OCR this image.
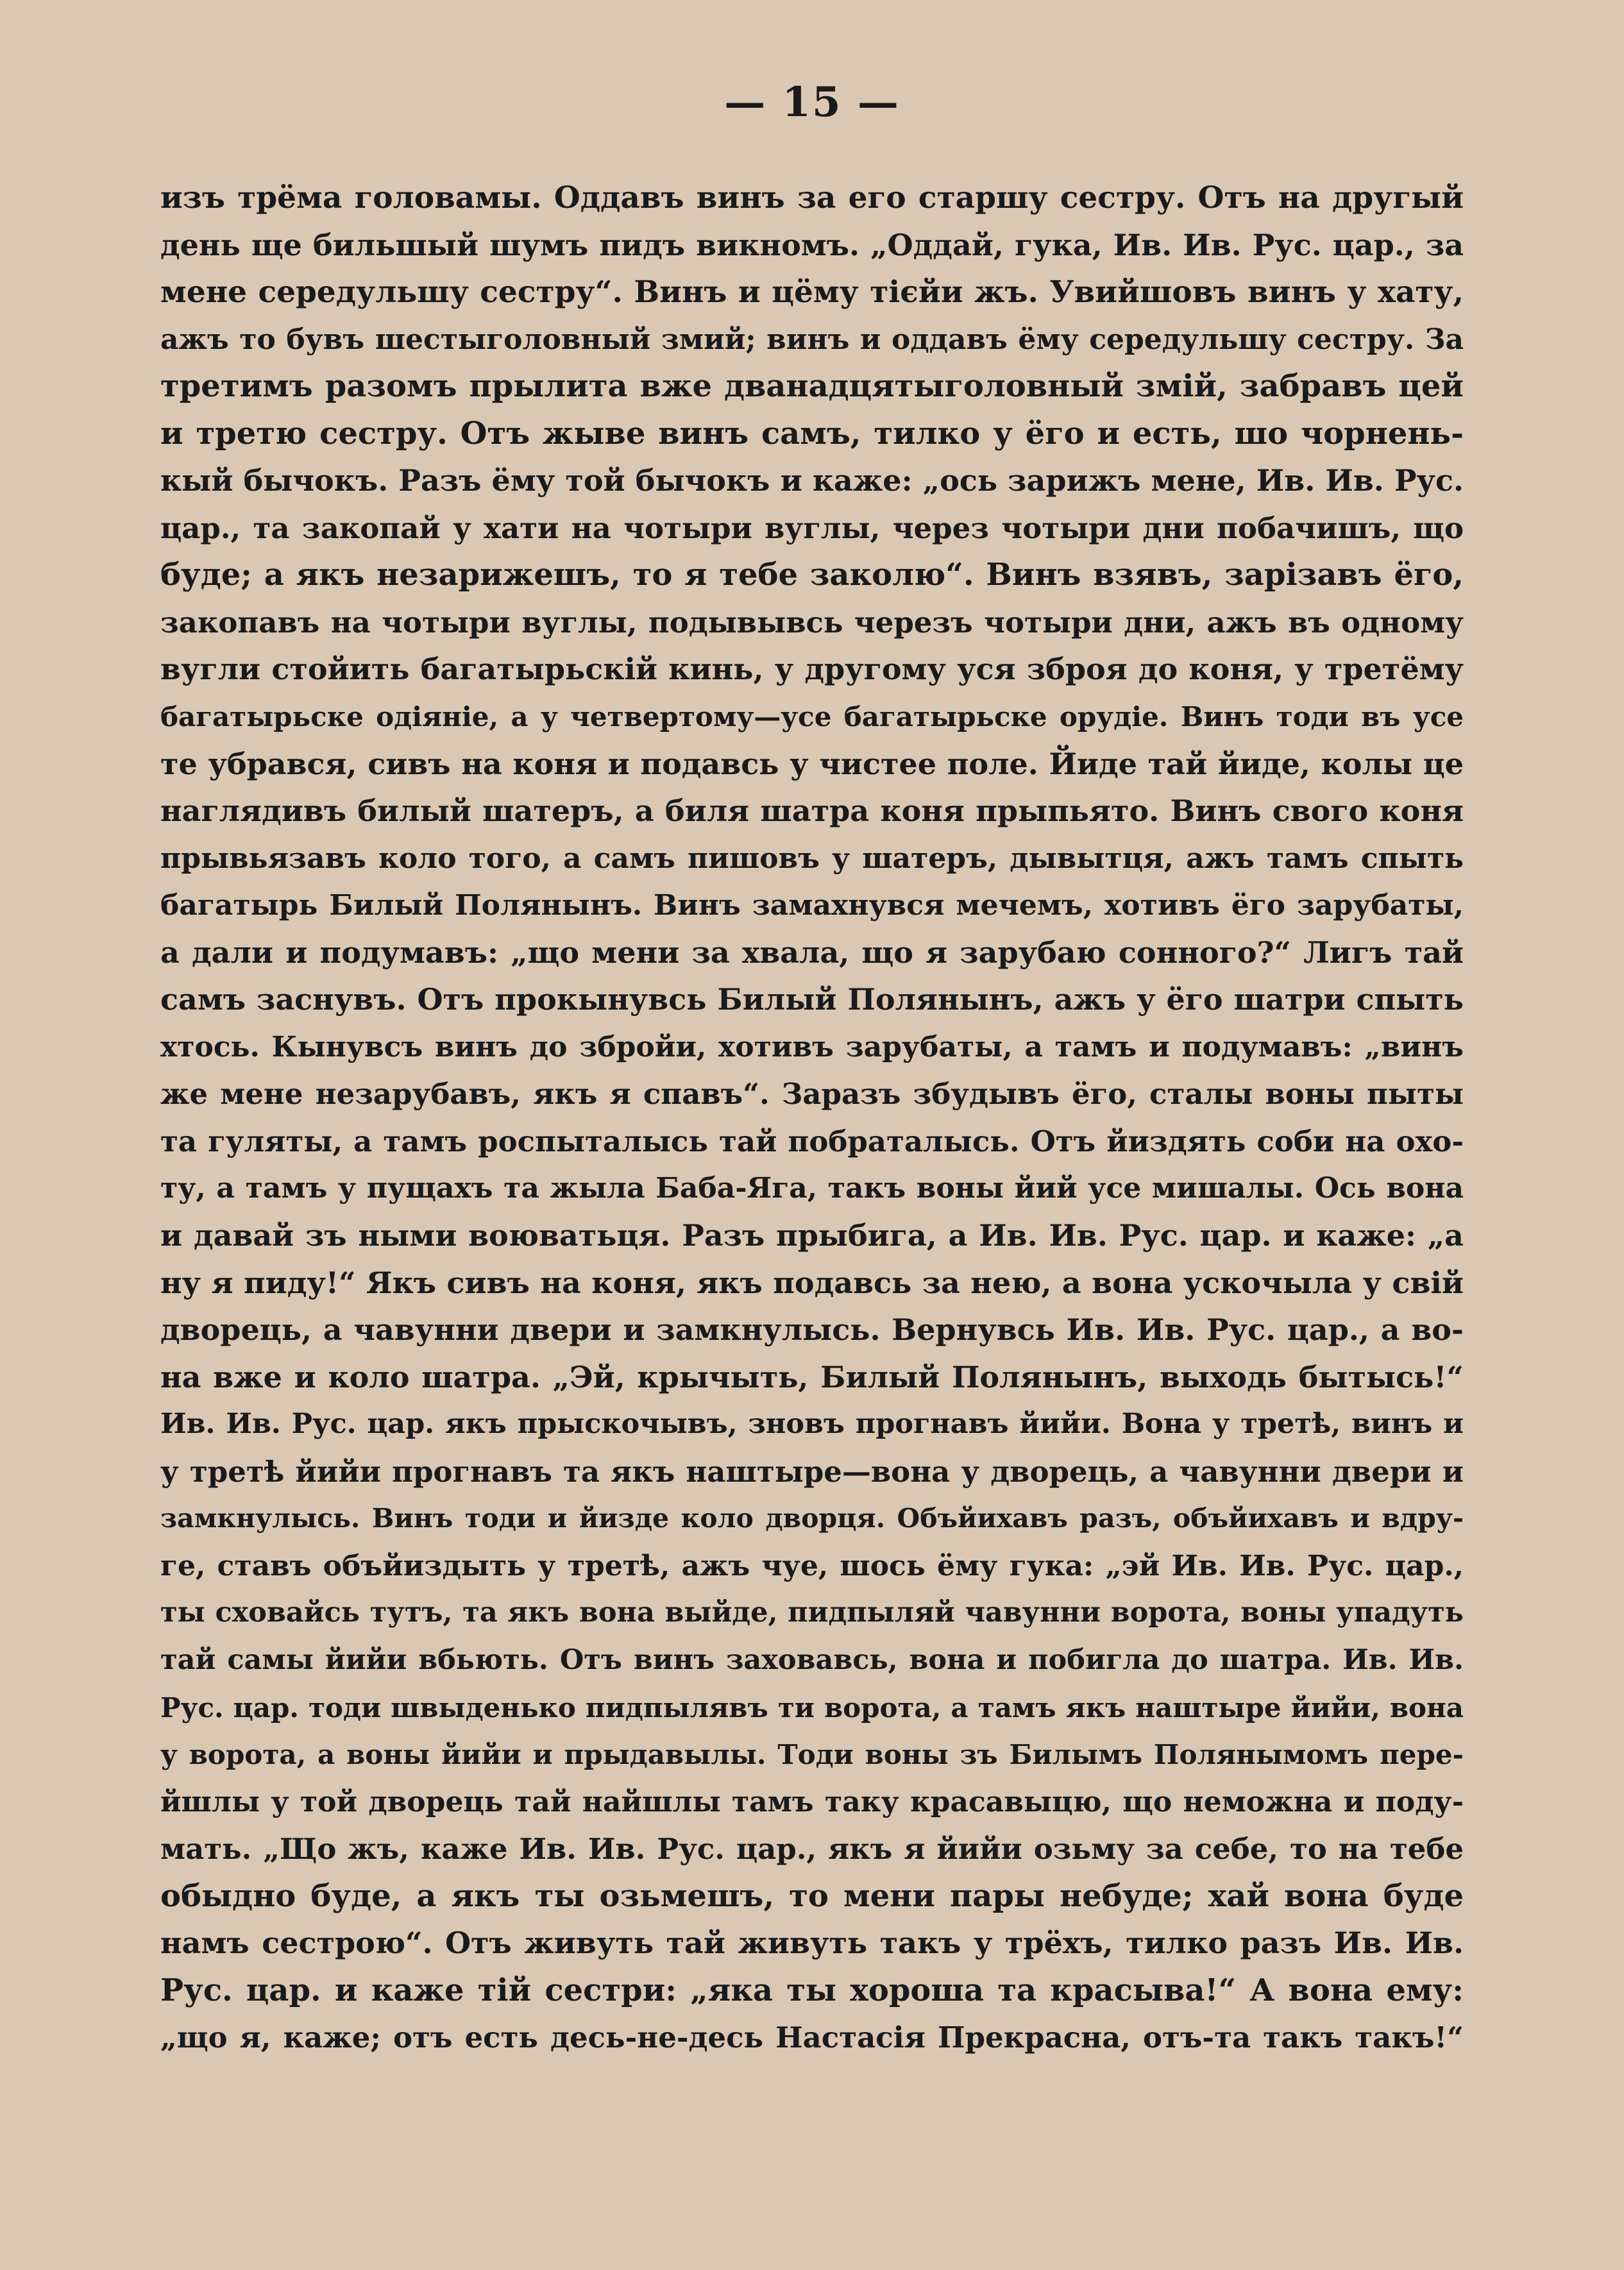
— 15 —
изъ трёма головамы. Оддавъ винъ за его старшу сестру. Отъ на другый
день ще бильшый шумъ пидъ викномъ. „Оддай, гука, Ив. Ив. Рус. цар., за
мене середульшу сестру“. Винъ и цёму тієйи жъ. Увийшовъ винъ у хату,
ажъ то бувъ шестыголовный змий; винъ и оддавъ ёму середульшу сестру. За
третимъ разомъ прылита вже дванадцятыголовный змій, забравъ цей
и третю сестру. Отъ жыве винъ самъ, тилко у ёго и есть, шо чорнень-
кый бычокъ. Разъ ёму той бычокъ и каже: „ось зарижъ мене, Ив. Ив. Рус.
цар., та закопай у хати на чотыри вуглы, через чотыри дни побачишъ, що
буде; а якъ незарижешъ, то я тебе заколю“. Винъ взявъ, зарізавъ ёго,
закопавъ на чотыри вуглы, подывывсь черезъ чотыри дни, ажъ въ одному
вугли стойить багатырьскій кинь, у другому уся зброя до коня, у третёму
багатырьске одіяніе, а у четвертому—усе багатырьске орудіе. Винъ тоди въ усе
те убрався, сивъ на коня и подавсь у чистее поле. Йиде тай йиде, колы це
наглядивъ билый шатеръ, а биля шатра коня прыпьято. Винъ свого коня
прывьязавъ коло того, а самъ пишовъ у шатеръ, дывытця, ажъ тамъ спыть
багатырь Билый Полянынъ. Винъ замахнувся мечемъ, хотивъ ёго зарубаты,
а дали и подумавъ: „що мени за хвала, що я зарубаю сонного?“ Лигъ тай
самъ заснувъ. Отъ прокынувсь Билый Полянынъ, ажъ у ёго шатри спыть
хтось. Кынувсъ винъ до збройи, хотивъ зарубаты, а тамъ и подумавъ: „винъ
же мене незарубавъ, якъ я спавъ“. Заразъ збудывъ ёго, сталы воны пыты
та гуляты, а тамъ роспыталысь тай побраталысь. Отъ йиздять соби на охо-
ту, а тамъ у пущахъ та жыла Баба-Яга, такъ воны йий усе мишалы. Ось вона
и давай зъ ными воюватьця. Разъ прыбига, а Ив. Ив. Рус. цар. и каже: „а
ну я пиду!“ Якъ сивъ на коня, якъ подавсь за нею, а вона ускочыла у свій
дворець, а чавунни двери и замкнулысь. Вернувсь Ив. Ив. Рус. цар., а во-
на вже и коло шатра. „Эй, крычыть, Билый Полянынъ, выходь бытысь!“
Ив. Ив. Рус. цар. якъ прыскочывъ, зновъ прогнавъ йийи. Вона у третѣ, винъ и
у третѣ йийи прогнавъ та якъ наштыре—вона у дворець, а чавунни двери и
замкнулысь. Винъ тоди и йизде коло дворця. Объйихавъ разъ, объйихавъ и вдру-
ге, ставъ объйиздыть у третѣ, ажъ чуе, шось ёму гука: „эй Ив. Ив. Рус. цар.,
ты сховайсь тутъ, та якъ вона выйде, пидпыляй чавунни ворота, воны упадуть
тай самы йийи вбьють. Отъ винъ заховавсь, вона и побигла до шатра. Ив. Ив.
Рус. цар. тоди швыденько пидпылявъ ти ворота, а тамъ якъ наштыре йийи, вона
у ворота, а воны йийи и прыдавылы. Тоди воны зъ Билымъ Полянымомъ пере-
йшлы у той дворець тай найшлы тамъ таку красавыцю, що неможна и поду-
мать. „Що жъ, каже Ив. Ив. Рус. цар., якъ я йийи озьму за себе, то на тебе
обыдно буде, а якъ ты озьмешъ, то мени пары небуде; хай вона буде
намъ сестрою“. Отъ живуть тай живуть такъ у трёхъ, тилко разъ Ив. Ив.
Рус. цар. и каже тій сестри: „яка ты хороша та красыва!“ А вона ему:
„що я, каже; отъ есть десь-не-десь Настасія Прекрасна, отъ-та такъ такъ!“
